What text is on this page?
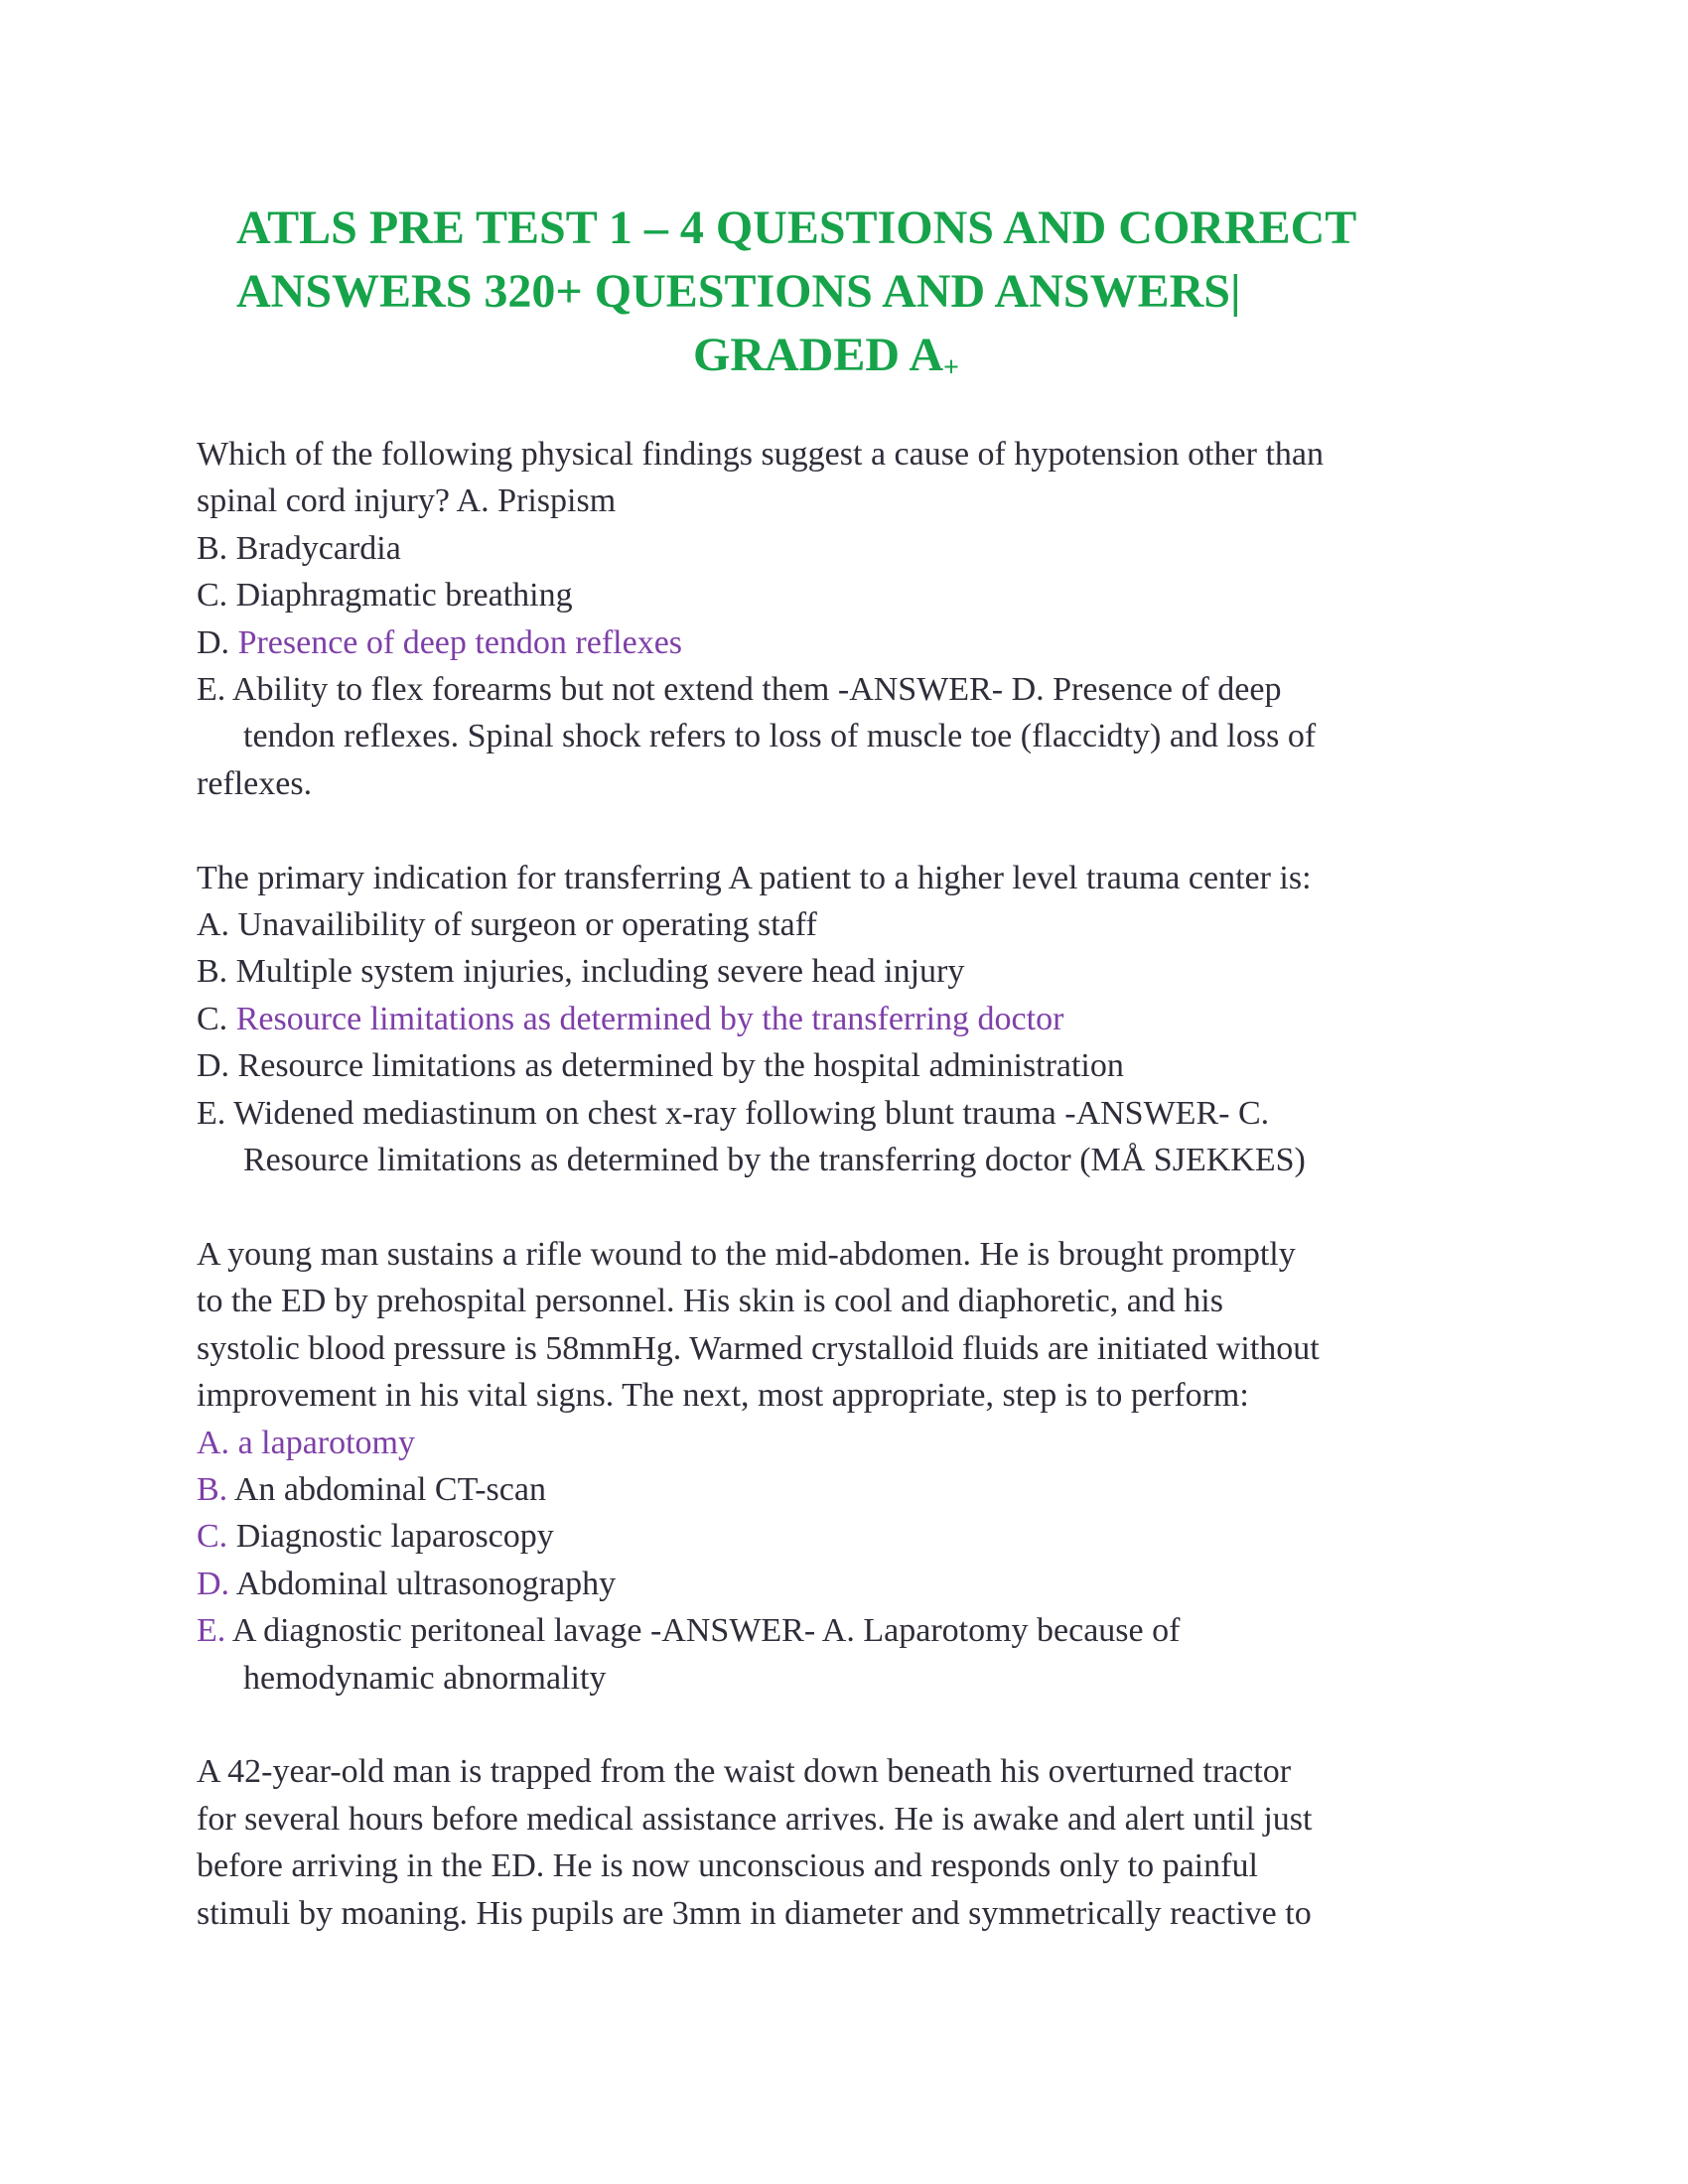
ATLS PRE TEST 1 – 4 QUESTIONS AND CORRECT
ANSWERS 320+ QUESTIONS AND ANSWERS|
GRADED $A_+$
Which of the following physical findings suggest a cause of hypotension other than
spinal cord injury? A. Prispism
B. Bradycardia
C. Diaphragmatic breathing
D. Presence of deep tendon reflexes
E. Ability to flex forearms but not extend them -ANSWER- D. Presence of deep
tendon reflexes. Spinal shock refers to loss of muscle toe (flaccidty) and loss of
reflexes.
The primary indication for transferring A patient to a higher level trauma center is:
A. Unavailibility of surgeon or operating staff
B. Multiple system injuries, including severe head injury
C. Resource limitations as determined by the transferring doctor
D. Resource limitations as determined by the hospital administration
E. Widened mediastinum on chest x-ray following blunt trauma -ANSWER- C.
Resource limitations as determined by the transferring doctor (MÅ SJEKKES)
A young man sustains a rifle wound to the mid-abdomen. He is brought promptly
to the ED by prehospital personnel. His skin is cool and diaphoretic, and his
systolic blood pressure is 58mmHg. Warmed crystalloid fluids are initiated without
improvement in his vital signs. The next, most appropriate, step is to perform:
A. a laparotomy
B. An abdominal CT-scan
C. Diagnostic laparoscopy
D. Abdominal ultrasonography
E. A diagnostic peritoneal lavage -ANSWER- A. Laparotomy because of
hemodynamic abnormality
A 42-year-old man is trapped from the waist down beneath his overturned tractor
for several hours before medical assistance arrives. He is awake and alert until just
before arriving in the ED. He is now unconscious and responds only to painful
stimuli by moaning. His pupils are 3mm in diameter and symmetrically reactive to
